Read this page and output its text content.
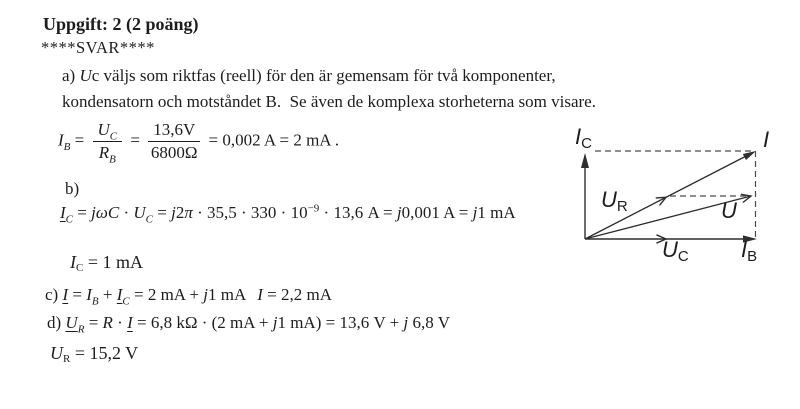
Uppgift: 2 (2 poäng)
****SVAR****
a) Uc väljs som riktfas (reell) för den är gemensam för två komponenter,
kondensatorn och motståndet B.  Se även de komplexa storheterna som visare.
$I_B = \frac{U_C}{R_B} = \frac{13,6V}{6800\Omega} = 0,002$ A = 2 mA .
b)
$I_C = j\omega C \cdot U_C = j2\pi \cdot 35,5 \cdot 330 \cdot 10^{-9} \cdot 13,6$ A = j0,001 A = j1 mA
$I_C = 1$ mA
c) $I = I_B + I_C = 2$ mA + j1 mA I = 2,2 mA
d) $U_R = R \cdot I = 6,8$ kΩ · (2 mA + j1 mA) = 13,6 V + j 6,8 V
$U_R = 15,2$ V
$I_C$	I
$U_R$	U
$U_C$ $I_B$
